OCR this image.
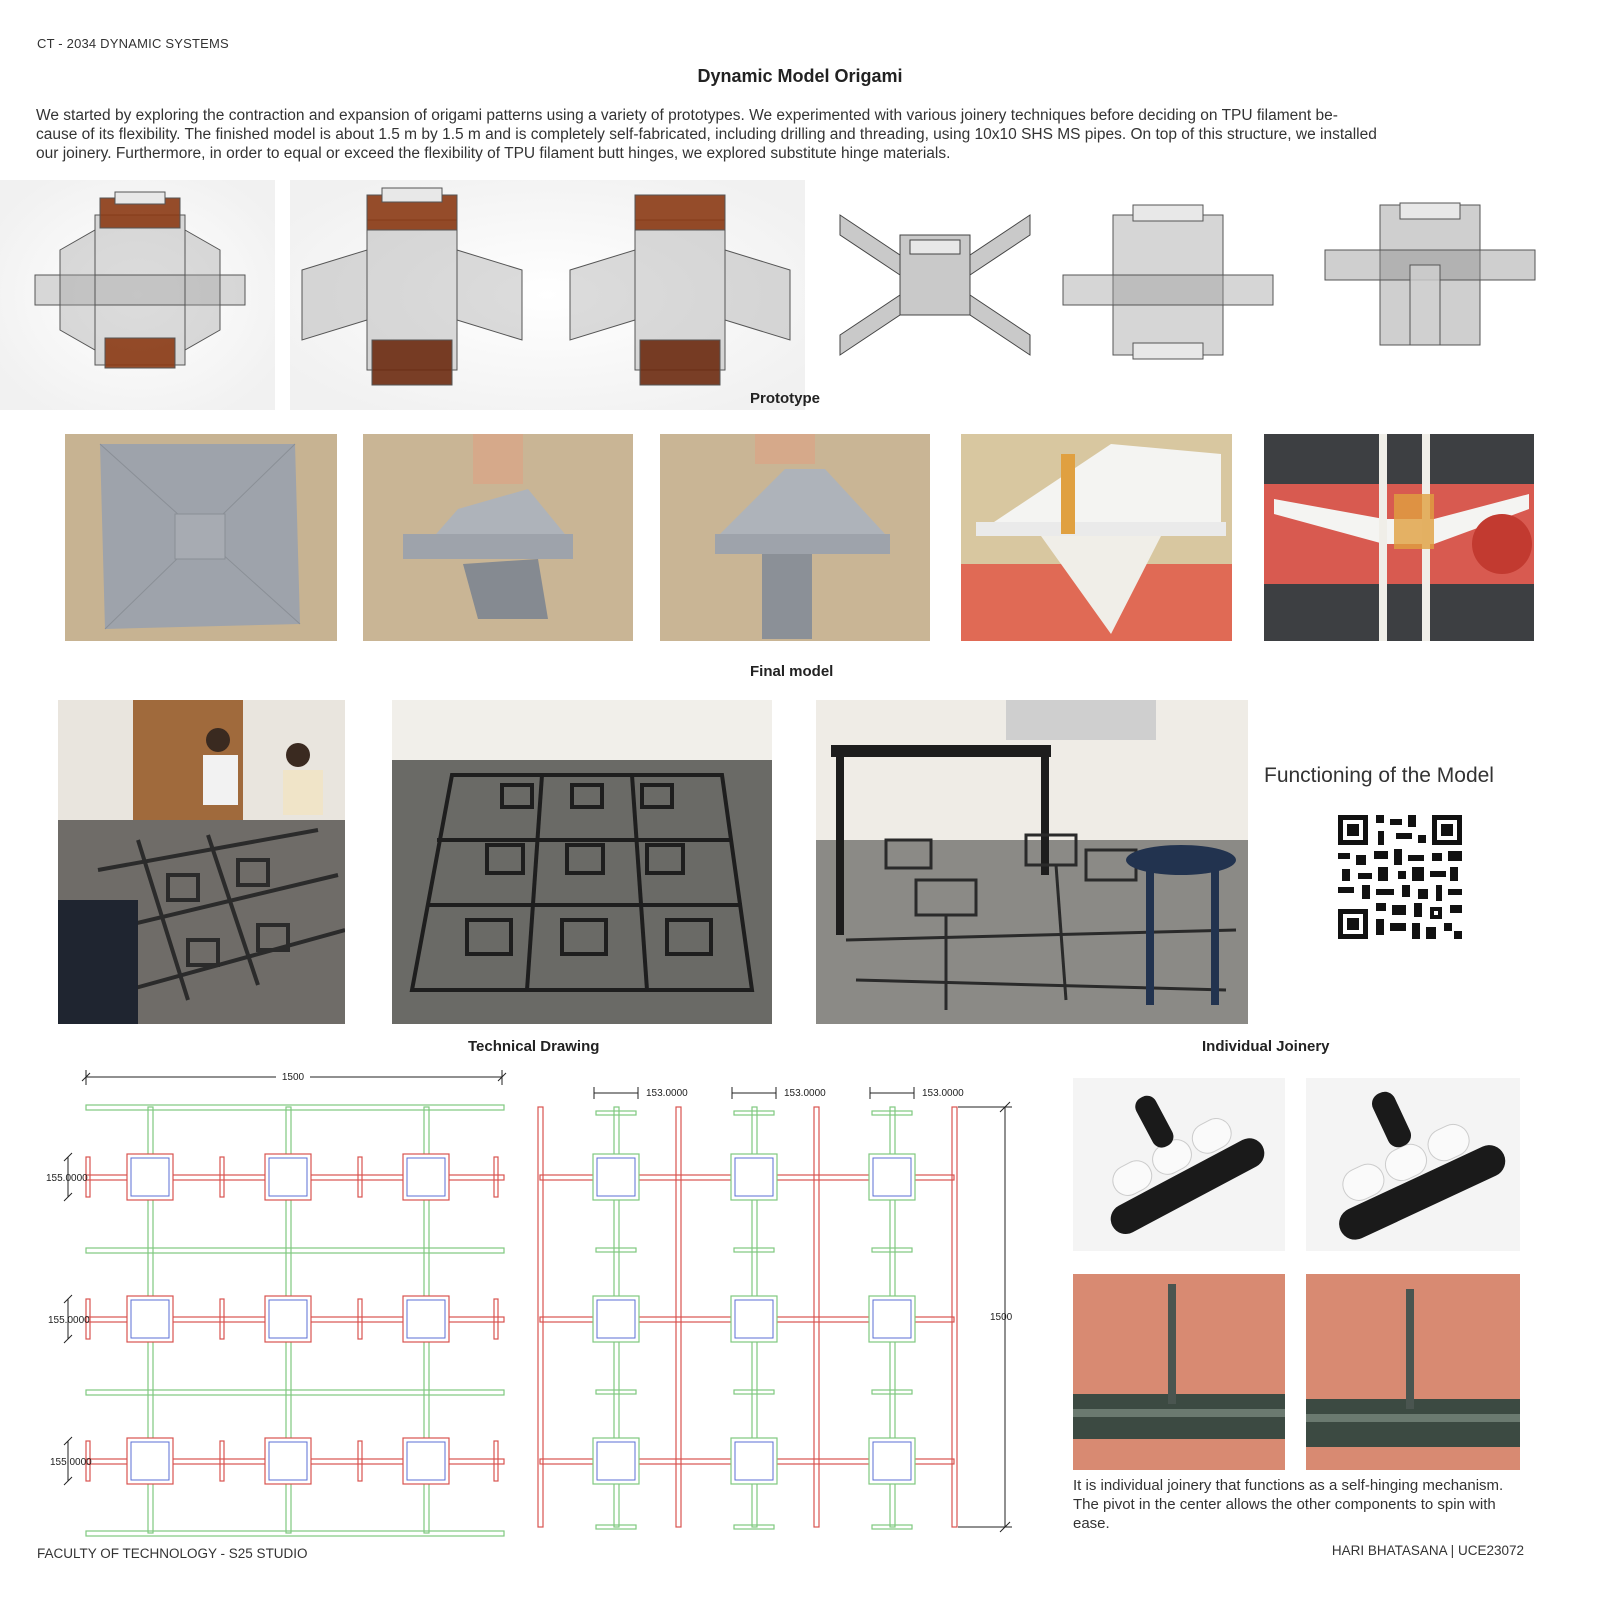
CT - 2034 DYNAMIC SYSTEMS
Dynamic Model Origami

We started by exploring the contraction and expansion of origami patterns using a variety of prototypes. We experimented with various joinery techniques before deciding on TPU filament be-

cause of its flexibility. The finished model is about 1.5 m by 1.5 m and is completely self-fabricated, including drilling and threading, using 10x10 SHS MS pipes. On top of this structure, we installed

our joinery. Furthermore, in order to equal or exceed the flexibility of TPU filament butt hinges, we explored substitute hinge materials.

Prototype
Final model
Functioning of the Model
Technical Drawing	Individual Joinery
1500
155.0000
155.0000
155.0000
153.0000	153.0000	153.0000
1500
It is individual joinery that functions as a self-hinging mechanism. The pivot in the center allows the other components to spin with ease.
FACULTY OF TECHNOLOGY - S25 STUDIO	HARI BHATASANA | UCE23072
